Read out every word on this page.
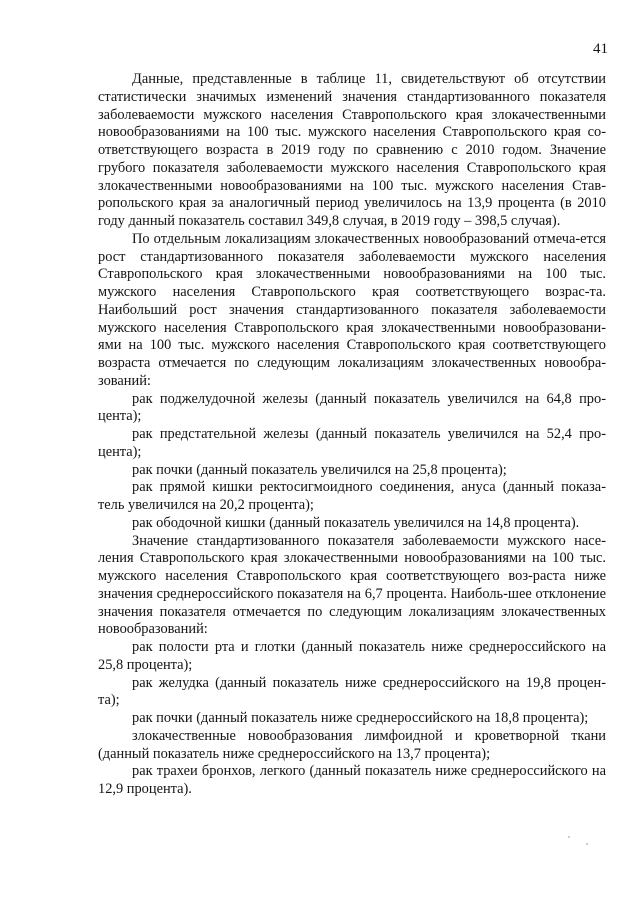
41

Данные, представленные в таблице 11, свидетельствуют об отсутствии статистически значимых изменений значения стандартизованного показателя заболеваемости мужского населения Ставропольского края злокачественными новообразованиями на 100 тыс. мужского населения Ставропольского края со-ответствующего возраста в 2019 году по сравнению с 2010 годом. Значение грубого показателя заболеваемости мужского населения Ставропольского края злокачественными новообразованиями на 100 тыс. мужского населения Став-ропольского края за аналогичный период увеличилось на 13,9 процента (в 2010 году данный показатель составил 349,8 случая, в 2019 году – 398,5 случая).

По отдельным локализациям злокачественных новообразований отмеча-ется рост стандартизованного показателя заболеваемости мужского населения Ставропольского края злокачественными новообразованиями на 100 тыс. мужского населения Ставропольского края соответствующего возрас-та. Наибольший рост значения стандартизованного показателя заболеваемости мужского населения Ставропольского края злокачественными новообразовани-ями на 100 тыс. мужского населения Ставропольского края соответствующего возраста отмечается по следующим локализациям злокачественных новообра-зований:

рак поджелудочной железы (данный показатель увеличился на 64,8 про-цента);

рак предстательной железы (данный показатель увеличился на 52,4 про-цента);

рак почки (данный показатель увеличился на 25,8 процента);

рак прямой кишки ректосигмоидного соединения, ануса (данный показа-тель увеличился на 20,2 процента);

рак ободочной кишки (данный показатель увеличился на 14,8 процента).

Значение стандартизованного показателя заболеваемости мужского насе-ления Ставропольского края злокачественными новообразованиями на 100 тыс. мужского населения Ставропольского края соответствующего воз-раста ниже значения среднероссийского показателя на 6,7 процента. Наиболь-шее отклонение значения показателя отмечается по следующим локализациям злокачественных новообразований:

рак полости рта и глотки (данный показатель ниже среднероссийского на 25,8 процента);

рак желудка (данный показатель ниже среднероссийского на 19,8 процен-та);

рак почки (данный показатель ниже среднероссийского на 18,8 процента);

злокачественные новообразования лимфоидной и кроветворной ткани (данный показатель ниже среднероссийского на 13,7 процента);

рак трахеи бронхов, легкого (данный показатель ниже среднероссийского на 12,9 процента).
